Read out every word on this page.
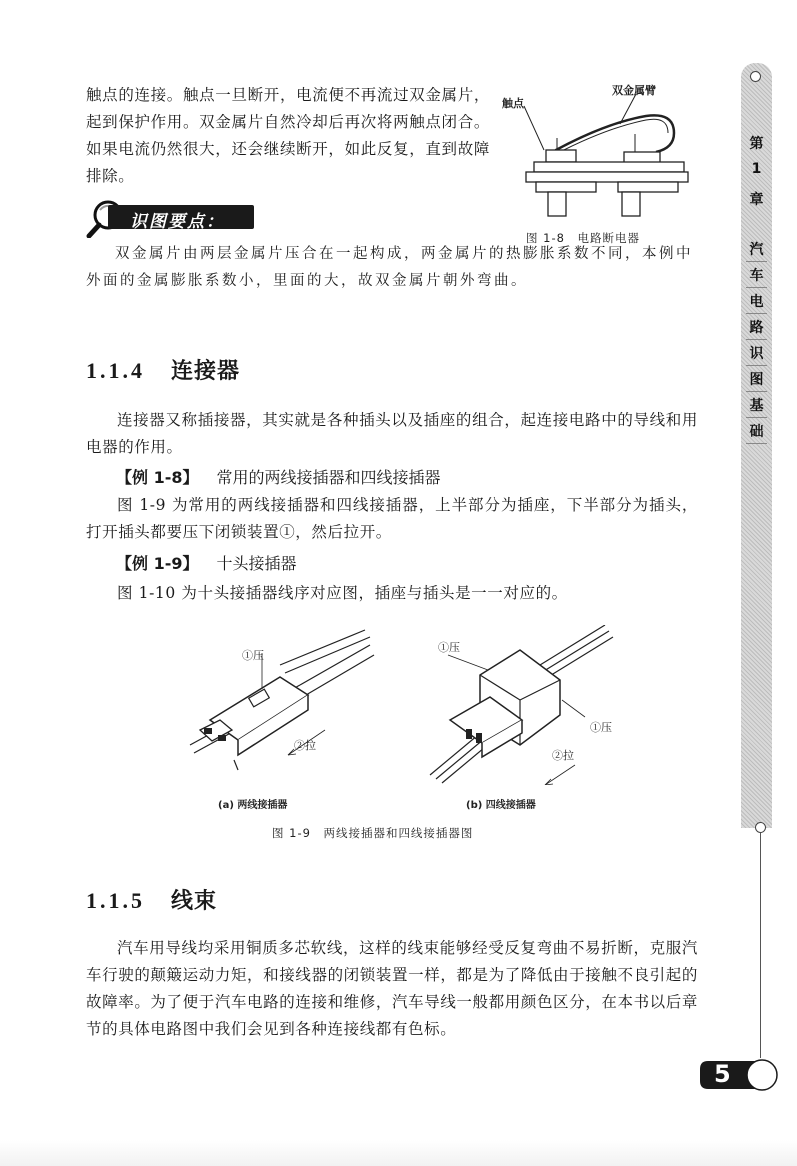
触点的连接。触点一旦断开，电流便不再流过双金属片，起到保护作用。双金属片自然冷却后再次将两触点闭合。如果电流仍然很大，还会继续断开，如此反复，直到故障排除。
触点
双金属臂
图 1-8　电路断电器
识图要点：
双金属片由两层金属片压合在一起构成，两金属片的热膨胀系数不同，本例中外面的金属膨胀系数小，里面的大，故双金属片朝外弯曲。
1.1.4 连接器
连接器又称插接器，其实就是各种插头以及插座的组合，起连接电路中的导线和用电器的作用。
【例 1-8】 常用的两线接插器和四线接插器
图 1-9 为常用的两线接插器和四线接插器，上半部分为插座，下半部分为插头，打开插头都要压下闭锁装置①，然后拉开。
【例 1-9】 十头接插器
图 1-10 为十头接插器线序对应图，插座与插头是一一对应的。
①压
②拉
①压
①压
②拉
(a) 两线接插器	(b) 四线接插器
图 1-9　两线接插器和四线接插器图
1.1.5 线束
汽车用导线均采用铜质多芯软线，这样的线束能够经受反复弯曲不易折断，克服汽车行驶的颠簸运动力矩，和接线器的闭锁装置一样，都是为了降低由于接触不良引起的故障率。为了便于汽车电路的连接和维修，汽车导线一般都用颜色区分，在本书以后章节的具体电路图中我们会见到各种连接线都有色标。
第
1
章
汽
车
电
路
识
图
基
础
5
